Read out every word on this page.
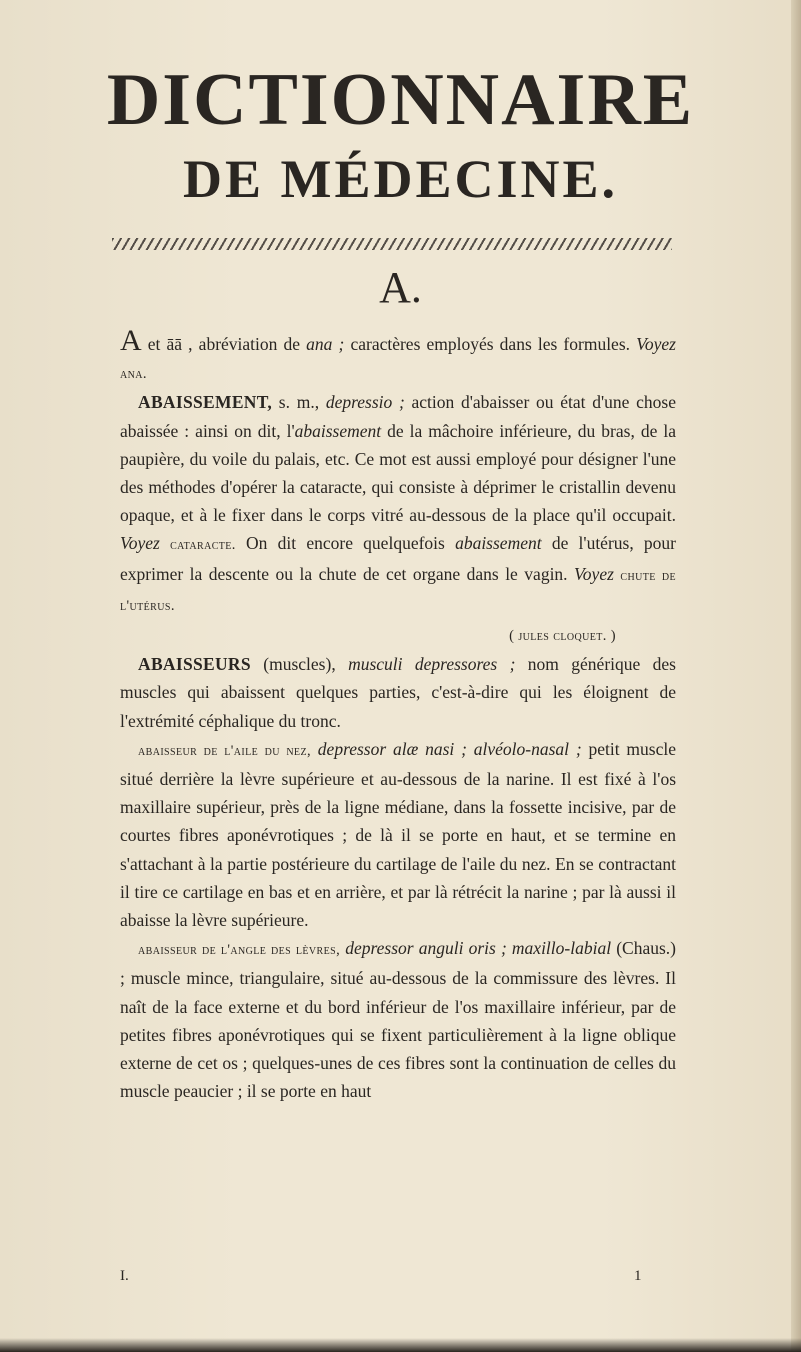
DICTIONNAIRE
DE MÉDECINE.
A.

A et āā , abréviation de ana ; caractères employés dans les formules. Voyez ana.

ABAISSEMENT, s. m., depressio ; action d'abaisser ou état d'une chose abaissée : ainsi on dit, l'abaissement de la mâchoire inférieure, du bras, de la paupière, du voile du palais, etc. Ce mot est aussi employé pour désigner l'une des méthodes d'opérer la cataracte, qui consiste à déprimer le cristallin devenu opaque, et à le fixer dans le corps vitré au-dessous de la place qu'il occupait. Voyez cataracte. On dit encore quelquefois abaissement de l'utérus, pour exprimer la descente ou la chute de cet organe dans le vagin. Voyez chute de l'utérus.

( jules cloquet. )

ABAISSEURS (muscles), musculi depressores ; nom générique des muscles qui abaissent quelques parties, c'est-à-dire qui les éloignent de l'extrémité céphalique du tronc.

abaisseur de l'aile du nez, depressor alæ nasi ; alvéolo-nasal ; petit muscle situé derrière la lèvre supérieure et au-dessous de la narine. Il est fixé à l'os maxillaire supérieur, près de la ligne médiane, dans la fossette incisive, par de courtes fibres aponévrotiques ; de là il se porte en haut, et se termine en s'attachant à la partie postérieure du cartilage de l'aile du nez. En se contractant il tire ce cartilage en bas et en arrière, et par là rétrécit la narine ; par là aussi il abaisse la lèvre supérieure.

abaisseur de l'angle des lèvres, depressor anguli oris ; maxillo-labial (Chaus.) ; muscle mince, triangulaire, situé au-dessous de la commissure des lèvres. Il naît de la face externe et du bord inférieur de l'os maxillaire inférieur, par de petites fibres aponévrotiques qui se fixent particulièrement à la ligne oblique externe de cet os ; quelques-unes de ces fibres sont la continuation de celles du muscle peaucier ; il se porte en haut

I.	1
